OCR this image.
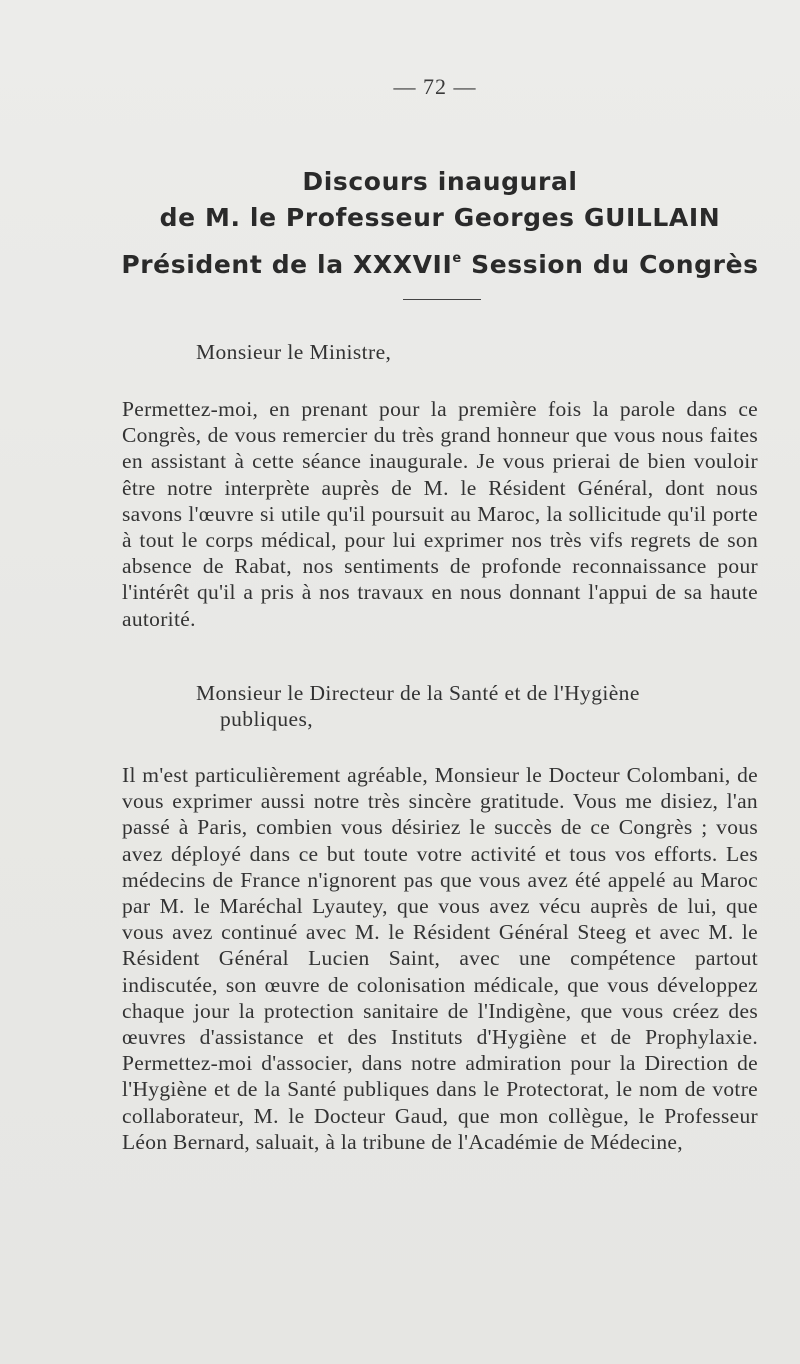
— 72 —
Discours inaugural
de M. le Professeur Georges GUILLAIN
Président de la XXXVIIe Session du Congrès
Monsieur le Ministre,

Permettez-moi, en prenant pour la première fois la parole dans ce Congrès, de vous remercier du très grand honneur que vous nous faites en assistant à cette séance inaugurale. Je vous prierai de bien vouloir être notre interprète auprès de M. le Résident Général, dont nous savons l'œuvre si utile qu'il poursuit au Maroc, la sollicitude qu'il porte à tout le corps médical, pour lui exprimer nos très vifs regrets de son absence de Rabat, nos sentiments de profonde reconnaissance pour l'intérêt qu'il a pris à nos travaux en nous donnant l'appui de sa haute autorité.

Monsieur le Directeur de la Santé et de l'Hygiène
publiques,

Il m'est particulièrement agréable, Monsieur le Docteur Colombani, de vous exprimer aussi notre très sincère gratitude. Vous me disiez, l'an passé à Paris, combien vous désiriez le succès de ce Congrès ; vous avez déployé dans ce but toute votre activité et tous vos efforts. Les médecins de France n'ignorent pas que vous avez été appelé au Maroc par M. le Maréchal Lyautey, que vous avez vécu auprès de lui, que vous avez continué avec M. le Résident Général Steeg et avec M. le Résident Général Lucien Saint, avec une compétence partout indiscutée, son œuvre de colonisation médicale, que vous développez chaque jour la protection sanitaire de l'Indigène, que vous créez des œuvres d'assistance et des Instituts d'Hygiène et de Prophylaxie. Permettez-moi d'associer, dans notre admiration pour la Direction de l'Hygiène et de la Santé publiques dans le Protectorat, le nom de votre collaborateur, M. le Docteur Gaud, que mon collègue, le Professeur Léon Bernard, saluait, à la tribune de l'Académie de Médecine,
